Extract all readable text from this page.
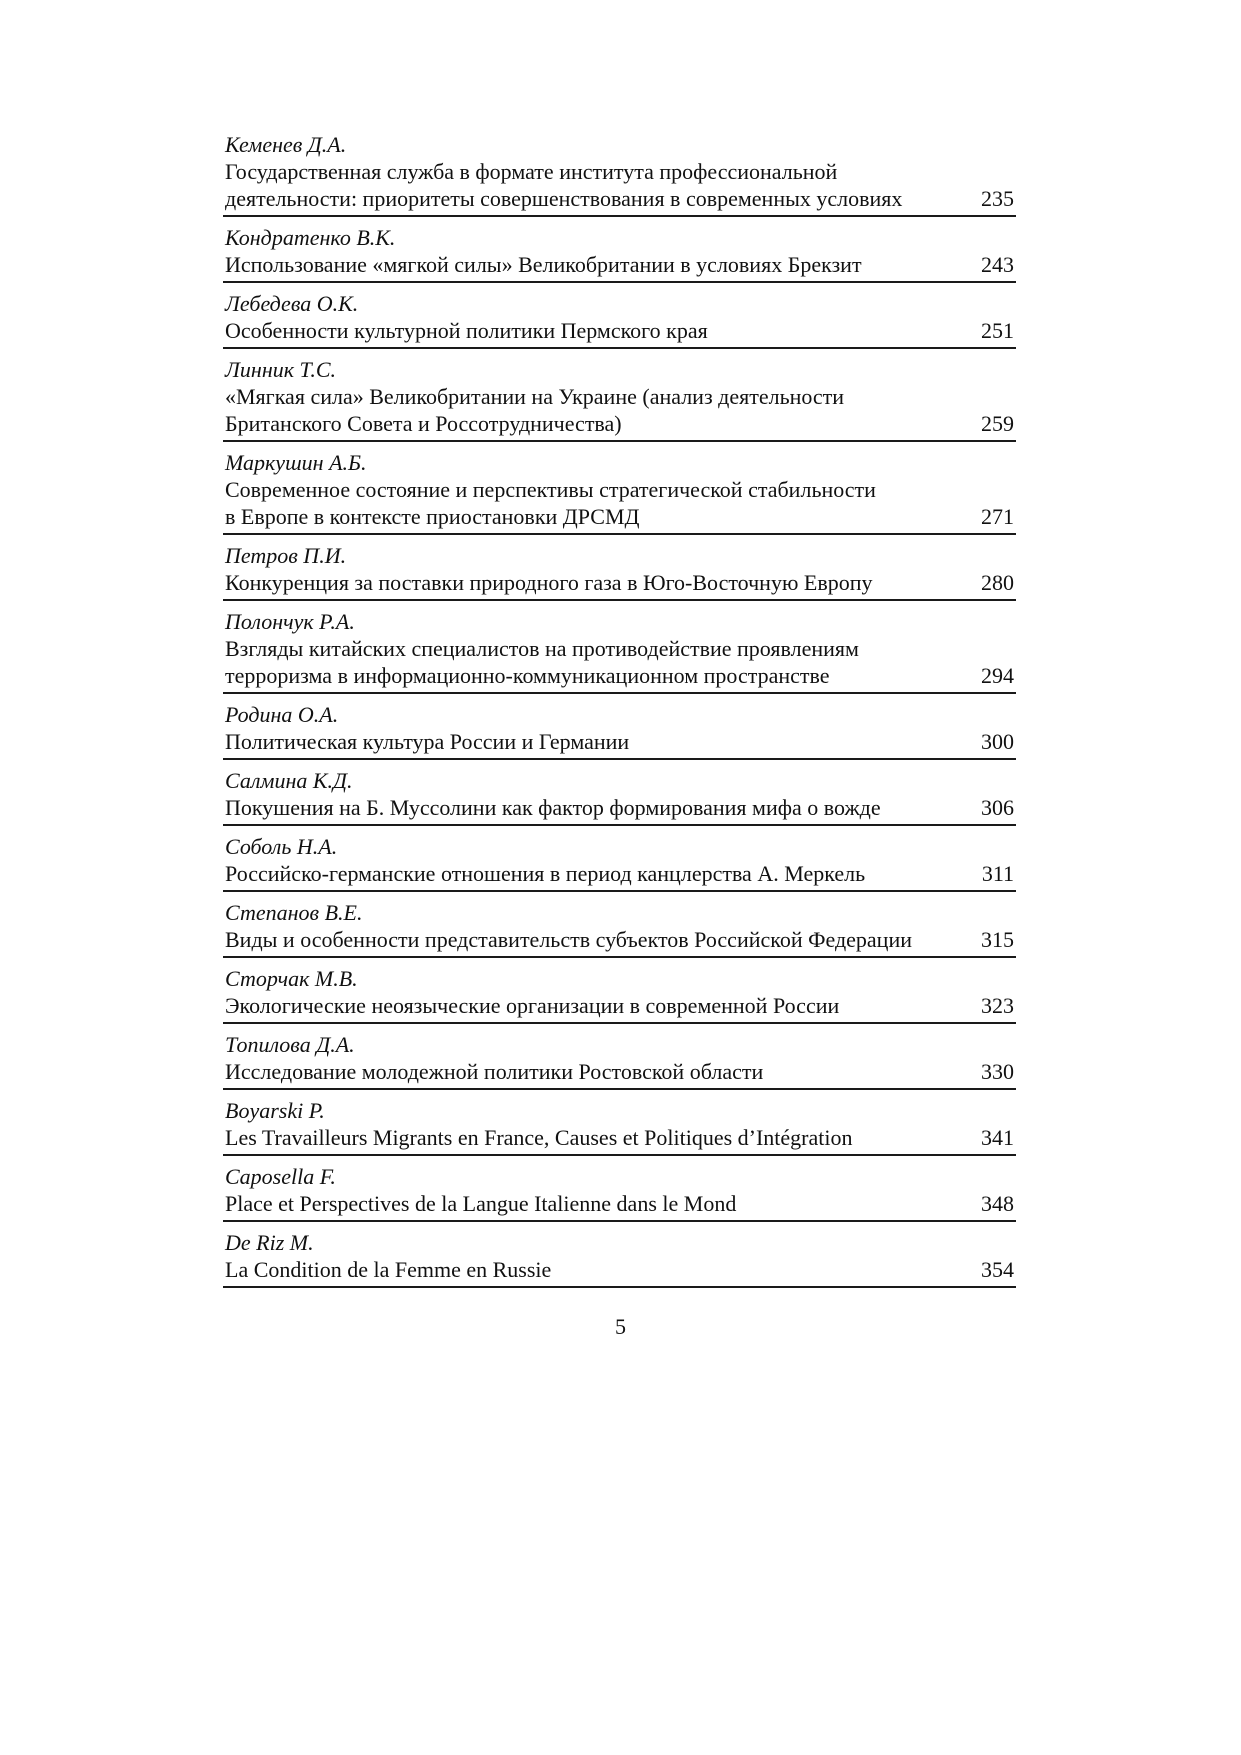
Кеменев Д.А.
Государственная служба в формате института профессиональной
деятельности: приоритеты совершенствования в современных условиях	235
Кондратенко В.К.
Использование «мягкой силы» Великобритании в условиях Брекзит	243
Лебедева О.К.
Особенности культурной политики Пермского края	251
Линник Т.С.
«Мягкая сила» Великобритании на Украине (анализ деятельности
Британского Совета и Россотрудничества)	259
Маркушин А.Б.
Современное состояние и перспективы стратегической стабильности
в Европе в контексте приостановки ДРСМД	271
Петров П.И.
Конкуренция за поставки природного газа в Юго-Восточную Европу	280
Полончук Р.А.
Взгляды китайских специалистов на противодействие проявлениям
терроризма в информационно-коммуникационном пространстве	294
Родина О.А.
Политическая культура России и Германии	300
Салмина К.Д.
Покушения на Б. Муссолини как фактор формирования мифа о вожде	306
Соболь Н.А.
Российско-германские отношения в период канцлерства А. Меркель	311
Степанов В.Е.
Виды и особенности представительств субъектов Российской Федерации	315
Сторчак М.В.
Экологические неоязыческие организации в современной России	323
Топилова Д.А.
Исследование молодежной политики Ростовской области	330
Boyarski P.
Les Travailleurs Migrants en France, Causes et Politiques d’Intégration	341
Caposella F.
Place et Perspectives de la Langue Italienne dans le Mond	348
De Riz M.
La Condition de la Femme en Russie	354
5
